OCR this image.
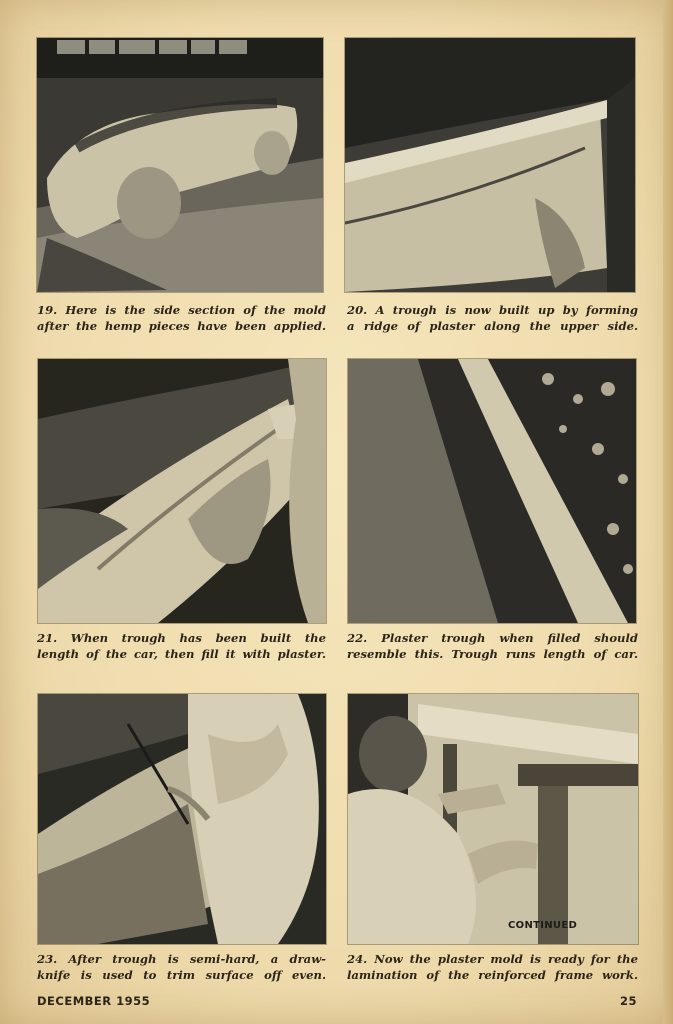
CONTINUED
19. Here is the side section of the mold
after the hemp pieces have been applied.
20. A trough is now built up by forming
a ridge of plaster along the upper side.
21. When trough has been built the
length of the car, then fill it with plaster.
22. Plaster trough when filled should
resemble this. Trough runs length of car.
23. After trough is semi-hard, a draw-
knife is used to trim surface off even.
24. Now the plaster mold is ready for the
lamination of the reinforced frame work.
DECEMBER 1955	25
